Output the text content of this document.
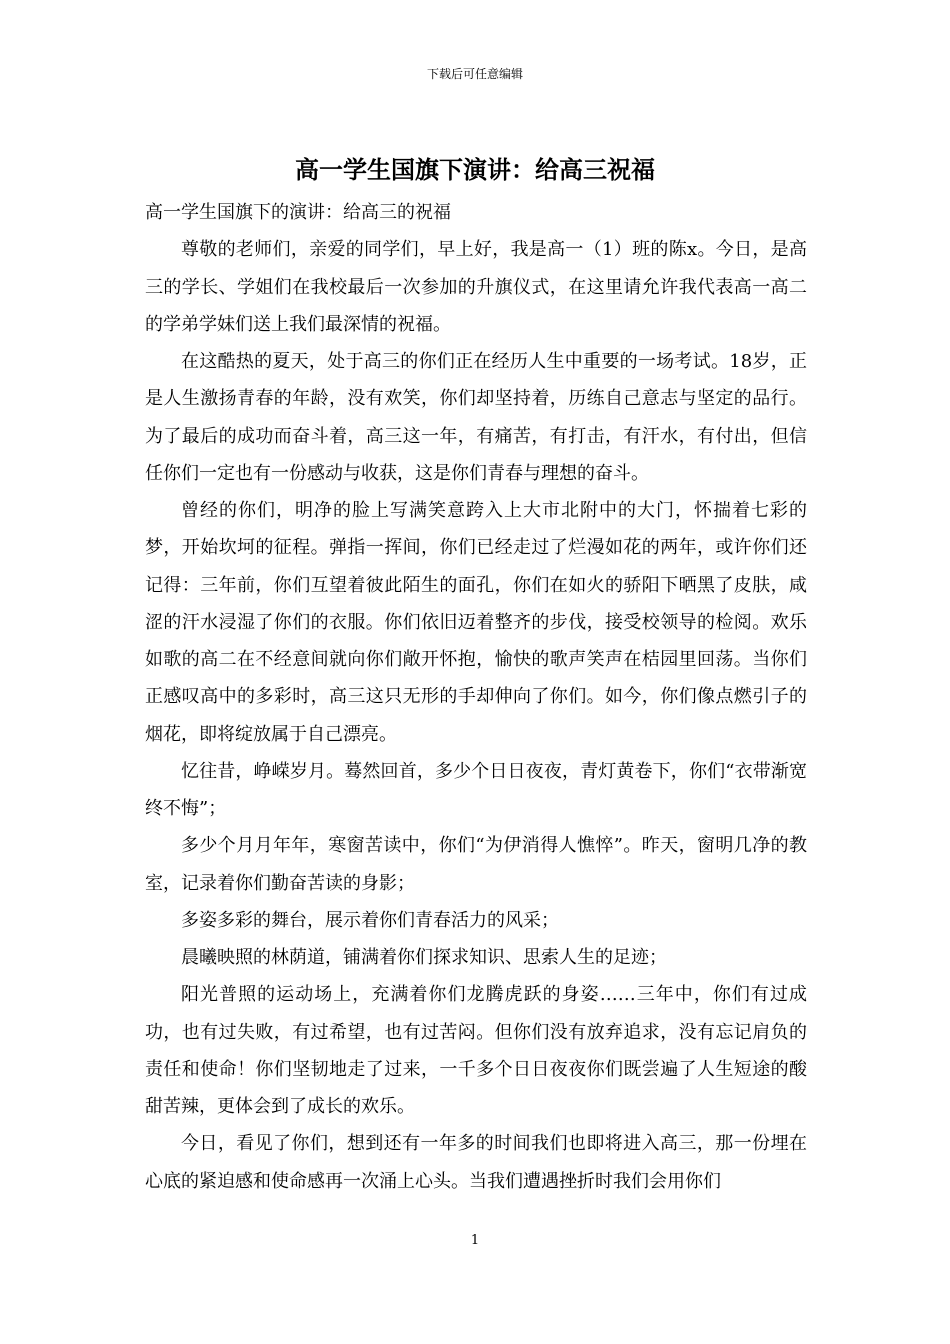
下载后可任意编辑
高一学生国旗下演讲：给高三祝福

高一学生国旗下的演讲：给高三的祝福

尊敬的老师们，亲爱的同学们，早上好，我是高一（1）班的陈x。今日，是高三的学长、学姐们在我校最后一次参加的升旗仪式，在这里请允许我代表高一高二的学弟学妹们送上我们最深情的祝福。

在这酷热的夏天，处于高三的你们正在经历人生中重要的一场考试。18岁，正是人生激扬青春的年龄，没有欢笑，你们却坚持着，历练自己意志与坚定的品行。为了最后的成功而奋斗着，高三这一年，有痛苦，有打击，有汗水，有付出，但信任你们一定也有一份感动与收获，这是你们青春与理想的奋斗。

曾经的你们，明净的脸上写满笑意跨入上大市北附中的大门，怀揣着七彩的梦，开始坎坷的征程。弹指一挥间，你们已经走过了烂漫如花的两年，或许你们还记得：三年前，你们互望着彼此陌生的面孔，你们在如火的骄阳下晒黑了皮肤，咸涩的汗水浸湿了你们的衣服。你们依旧迈着整齐的步伐，接受校领导的检阅。欢乐如歌的高二在不经意间就向你们敞开怀抱，愉快的歌声笑声在桔园里回荡。当你们正感叹高中的多彩时，高三这只无形的手却伸向了你们。如今，你们像点燃引子的烟花，即将绽放属于自己漂亮。

忆往昔，峥嵘岁月。蓦然回首，多少个日日夜夜，青灯黄卷下，你们“衣带渐宽终不悔”；

多少个月月年年，寒窗苦读中，你们“为伊消得人憔悴”。昨天，窗明几净的教室，记录着你们勤奋苦读的身影；

多姿多彩的舞台，展示着你们青春活力的风采；

晨曦映照的林荫道，铺满着你们探求知识、思索人生的足迹；

阳光普照的运动场上，充满着你们龙腾虎跃的身姿……三年中，你们有过成功，也有过失败，有过希望，也有过苦闷。但你们没有放弃追求，没有忘记肩负的责任和使命！你们坚韧地走了过来，一千多个日日夜夜你们既尝遍了人生短途的酸甜苦辣，更体会到了成长的欢乐。

今日，看见了你们，想到还有一年多的时间我们也即将进入高三，那一份埋在心底的紧迫感和使命感再一次涌上心头。当我们遭遇挫折时我们会用你们

1
